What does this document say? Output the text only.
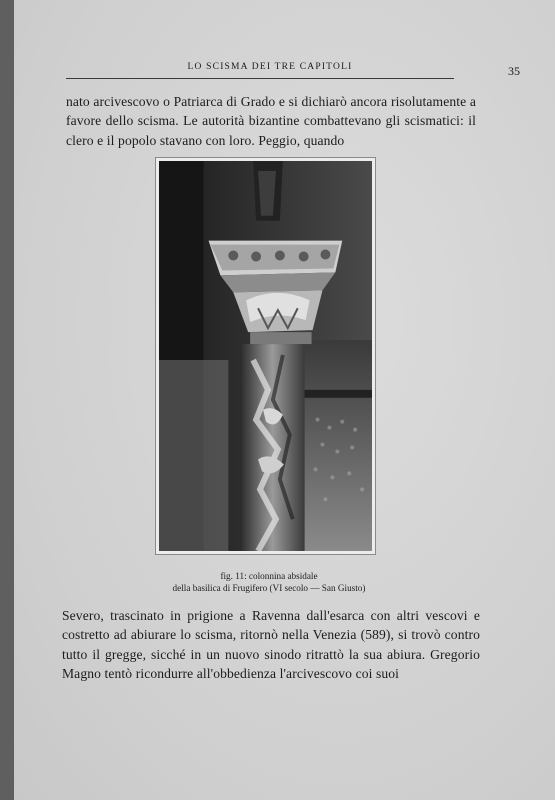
LO SCISMA DEI TRE CAPITOLI	35

nato arcivescovo o Patriarca di Grado e si dichiarò ancora risolutamente a favore dello scisma. Le autorità bizantine combattevano gli scismatici: il clero e il popolo stavano con loro. Peggio, quando

fig. 11: colonnina absidale
della basilica di Frugifero (VI secolo — San Giusto)

Severo, trascinato in prigione a Ravenna dall'esarca con altri vescovi e costretto ad abiurare lo scisma, ritornò nella Venezia (589), si trovò contro tutto il gregge, sicché in un nuovo sinodo ritrattò la sua abiura. Gregorio Magno tentò ricondurre all'obbedienza l'arcivescovo coi suoi
